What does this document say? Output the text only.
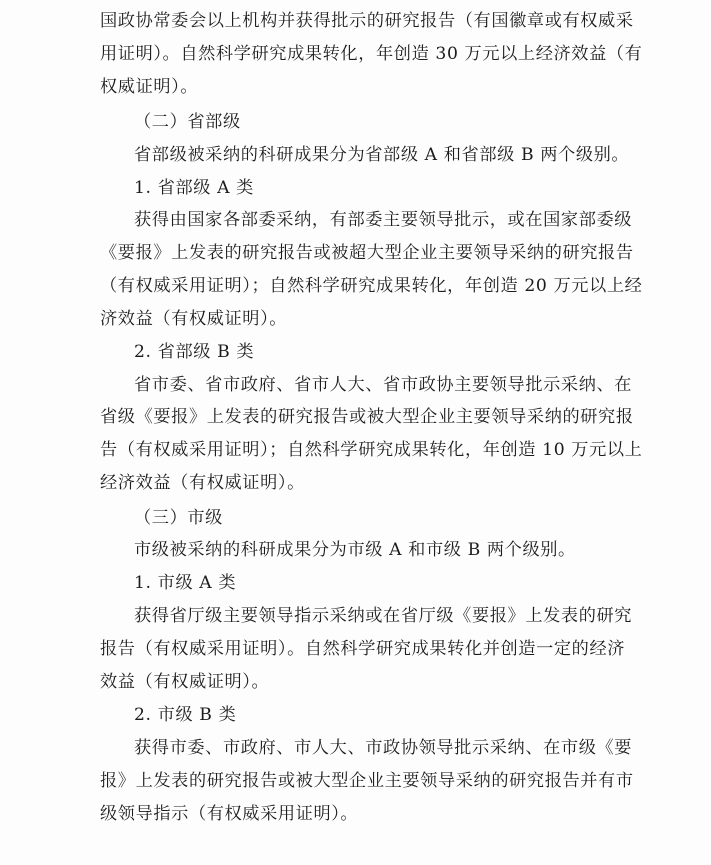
国政协常委会以上机构并获得批示的研究报告（有国徽章或有权威采
用证明）。自然科学研究成果转化，年创造 30 万元以上经济效益（有
权威证明）。
（二）省部级
省部级被采纳的科研成果分为省部级 A 和省部级 B 两个级别。
1. 省部级 A 类
获得由国家各部委采纳，有部委主要领导批示，或在国家部委级
《要报》上发表的研究报告或被超大型企业主要领导采纳的研究报告
（有权威采用证明）；自然科学研究成果转化，年创造 20 万元以上经
济效益（有权威证明）。
2. 省部级 B 类
省市委、省市政府、省市人大、省市政协主要领导批示采纳、在
省级《要报》上发表的研究报告或被大型企业主要领导采纳的研究报
告（有权威采用证明）；自然科学研究成果转化，年创造 10 万元以上
经济效益（有权威证明）。
（三）市级
市级被采纳的科研成果分为市级 A 和市级 B 两个级别。
1. 市级 A 类
获得省厅级主要领导指示采纳或在省厅级《要报》上发表的研究
报告（有权威采用证明）。自然科学研究成果转化并创造一定的经济
效益（有权威证明）。
2. 市级 B 类
获得市委、市政府、市人大、市政协领导批示采纳、在市级《要
报》上发表的研究报告或被大型企业主要领导采纳的研究报告并有市
级领导指示（有权威采用证明）。
